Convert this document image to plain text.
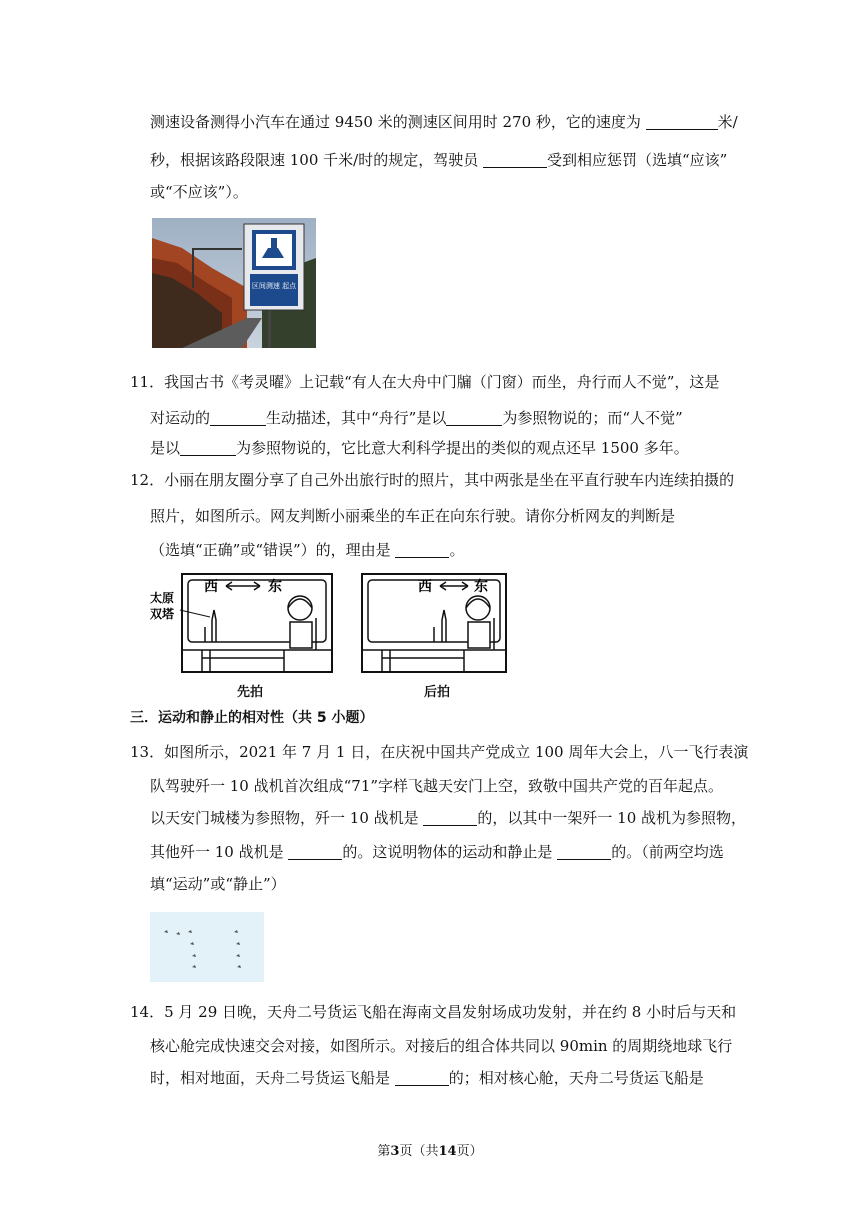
测速设备测得小汽车在通过 9450 米的测速区间用时 270 秒，它的速度为	米/
秒，根据该路段限速 100 千米/时的规定，驾驶员	受到相应惩罚（选填“应该”
或“不应该”）。
区间测速 起点
11．我国古书《考灵曜》上记载“有人在大舟中门牖（门窗）而坐，舟行而人不觉”，这是
对运动的	生动描述，其中“舟行”是以	为参照物说的；而“人不觉”
是以	为参照物说的，它比意大利科学提出的类似的观点还早 1500 多年。
12．小丽在朋友圈分享了自己外出旅行时的照片，其中两张是坐在平直行驶车内连续拍摄的
照片，如图所示。网友判断小丽乘坐的车正在向东行驶。请你分析网友的判断是
（选填“正确”或“错误”）的，理由是	。
西	东
太原
双塔
先拍
西	东
后拍
三．运动和静止的相对性（共 5 小题）
13．如图所示，2021 年 7 月 1 日，在庆祝中国共产党成立 100 周年大会上，八一飞行表演
队驾驶歼一 10 战机首次组成“71”字样飞越天安门上空，致敬中国共产党的百年起点。
以天安门城楼为参照物，歼一 10 战机是	的，以其中一架歼一 10 战机为参照物，
其他歼一 10 战机是	的。这说明物体的运动和静止是	的。（前两空均选
填“运动”或“静止”）
14．5 月 29 日晚，天舟二号货运飞船在海南文昌发射场成功发射，并在约 8 小时后与天和
核心舱完成快速交会对接，如图所示。对接后的组合体共同以 90min 的周期绕地球飞行
时，相对地面，天舟二号货运飞船是	的；相对核心舱，天舟二号货运飞船是
第3页（共14页）
